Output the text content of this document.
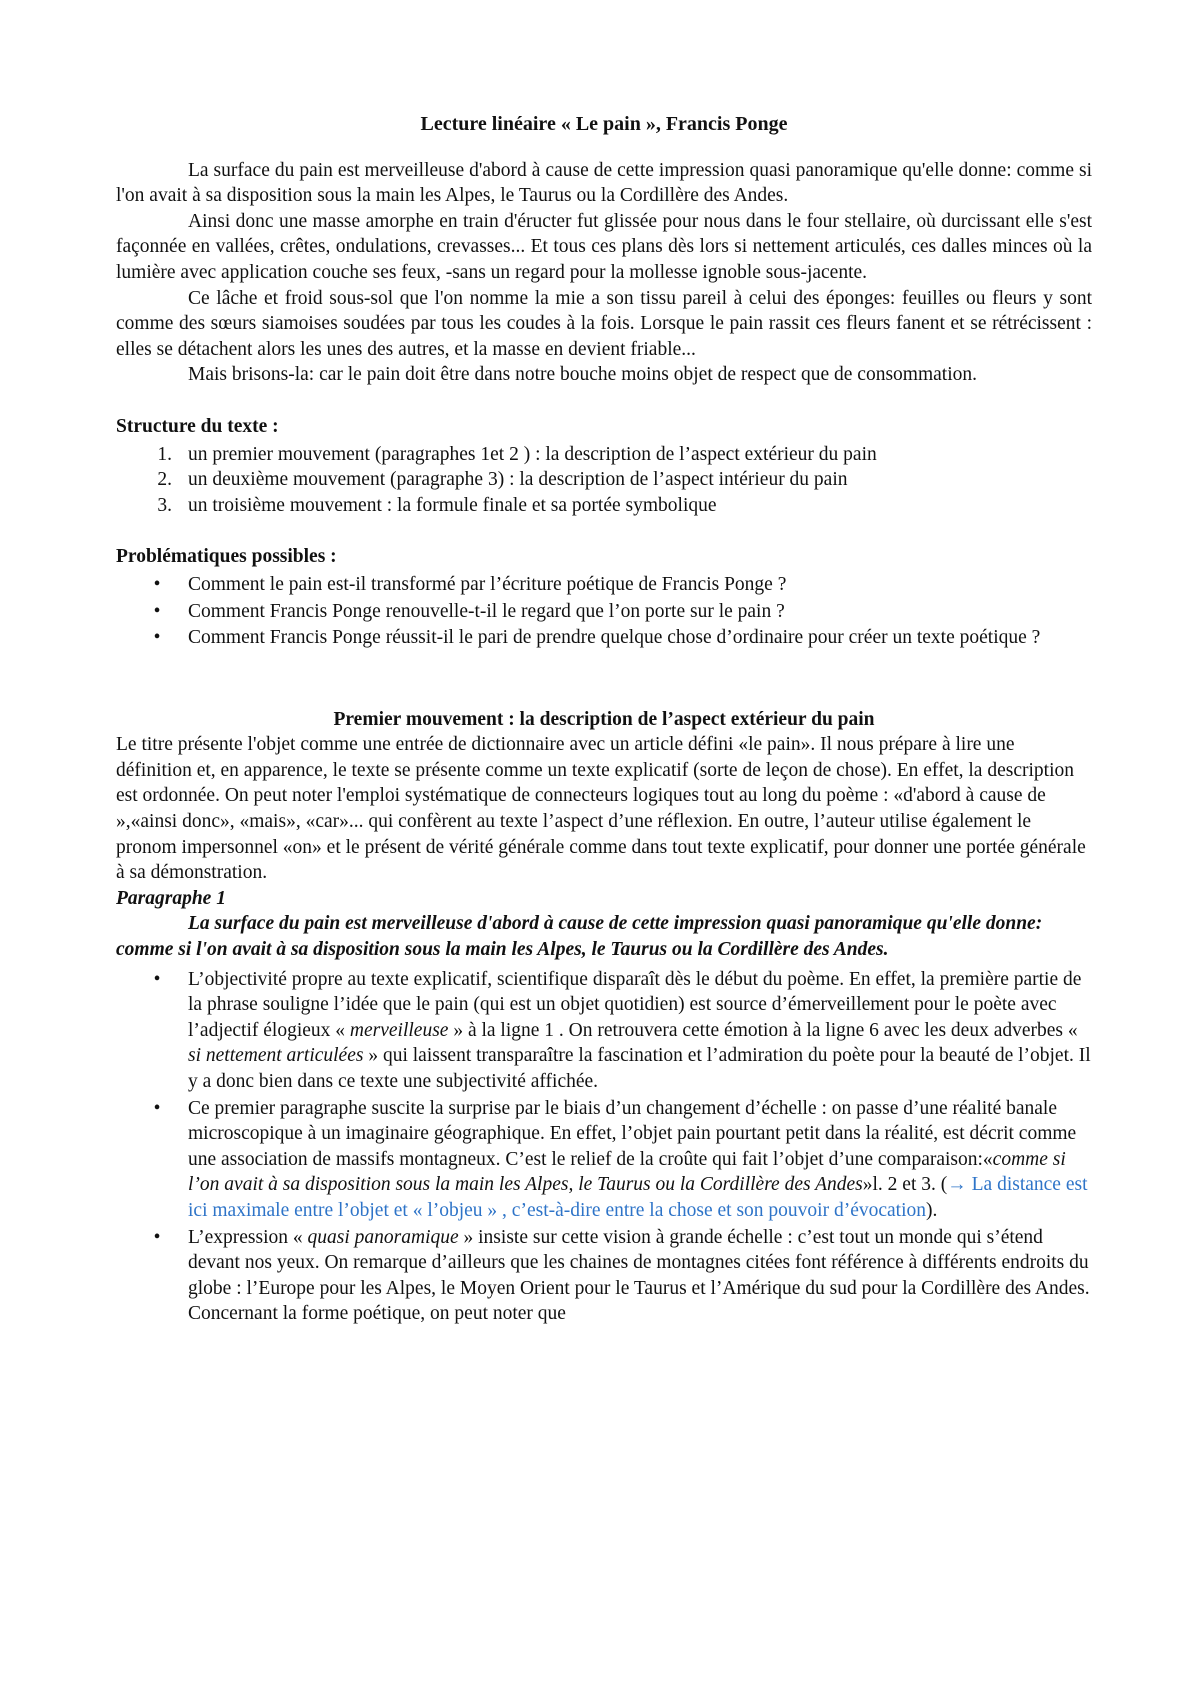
Lecture linéaire « Le pain », Francis Ponge

La surface du pain est merveilleuse d'abord à cause de cette impression quasi panoramique qu'elle donne: comme si l'on avait à sa disposition sous la main les Alpes, le Taurus ou la Cordillère des Andes.

Ainsi donc une masse amorphe en train d'éructer fut glissée pour nous dans le four stellaire, où durcissant elle s'est façonnée en vallées, crêtes, ondulations, crevasses... Et tous ces plans dès lors si nettement articulés, ces dalles minces où la lumière avec application couche ses feux, -sans un regard pour la mollesse ignoble sous-jacente.

Ce lâche et froid sous-sol que l'on nomme la mie a son tissu pareil à celui des éponges: feuilles ou fleurs y sont comme des sœurs siamoises soudées par tous les coudes à la fois. Lorsque le pain rassit ces fleurs fanent et se rétrécissent : elles se détachent alors les unes des autres, et la masse en devient friable...

Mais brisons-la: car le pain doit être dans notre bouche moins objet de respect que de consommation.

Structure du texte :
1 .	un premier mouvement (paragraphes 1et 2 ) : la description de l’aspect extérieur du pain
2 .	un deuxième mouvement (paragraphe 3) : la description de l’aspect intérieur du pain
3 .	un troisième mouvement : la formule finale et sa portée symbolique
Problématiques possibles :
•	Comment le pain est-il transformé par l’écriture poétique de Francis Ponge ?
•	Comment Francis Ponge renouvelle-t-il le regard que l’on porte sur le pain ?
•	Comment Francis Ponge réussit-il le pari de prendre quelque chose d’ordinaire pour créer un texte poétique ?
Premier mouvement : la description de l’aspect extérieur du pain

Le titre présente l'objet comme une entrée de dictionnaire avec un article défini «le pain». Il nous prépare à lire une définition et, en apparence, le texte se présente comme un texte explicatif (sorte de leçon de chose). En effet, la description est ordonnée. On peut noter l'emploi systématique de connecteurs logiques tout au long du poème : «d'abord à cause de »,«ainsi donc», «mais», «car»... qui confèrent au texte l’aspect d’une réflexion. En outre, l’auteur utilise également le pronom impersonnel «on» et le présent de vérité générale comme dans tout texte explicatif, pour donner une portée générale à sa démonstration.

Paragraphe 1

La surface du pain est merveilleuse d'abord à cause de cette impression quasi panoramique qu'elle donne: comme si l'on avait à sa disposition sous la main les Alpes, le Taurus ou la Cordillère des Andes.

•	L’objectivité propre au texte explicatif, scientifique disparaît dès le début du poème. En effet, la première partie de la phrase souligne l’idée que le pain (qui est un objet quotidien) est source d’émerveillement pour le poète avec l’adjectif élogieux « merveilleuse » à la ligne 1 . On retrouvera cette émotion à la ligne 6 avec les deux adverbes « si nettement articulées » qui laissent transparaître la fascination et l’admiration du poète pour la beauté de l’objet. Il y a donc bien dans ce texte une subjectivité affichée.
•	Ce premier paragraphe suscite la surprise par le biais d’un changement d’échelle : on passe d’une réalité banale microscopique à un imaginaire géographique. En effet, l’objet pain pourtant petit dans la réalité, est décrit comme une association de massifs montagneux. C’est le relief de la croûte qui fait l’objet d’une comparaison:«comme si l’on avait à sa disposition sous la main les Alpes, le Taurus ou la Cordillère des Andes»l. 2 et 3. (→ La distance est ici maximale entre l’objet et « l’objeu » , c’est-à-dire entre la chose et son pouvoir d’évocation).
•	L’expression « quasi panoramique » insiste sur cette vision à grande échelle : c’est tout un monde qui s’étend devant nos yeux. On remarque d’ailleurs que les chaines de montagnes citées font référence à différents endroits du globe : l’Europe pour les Alpes, le Moyen Orient pour le Taurus et l’Amérique du sud pour la Cordillère des Andes. Concernant la forme poétique, on peut noter que
